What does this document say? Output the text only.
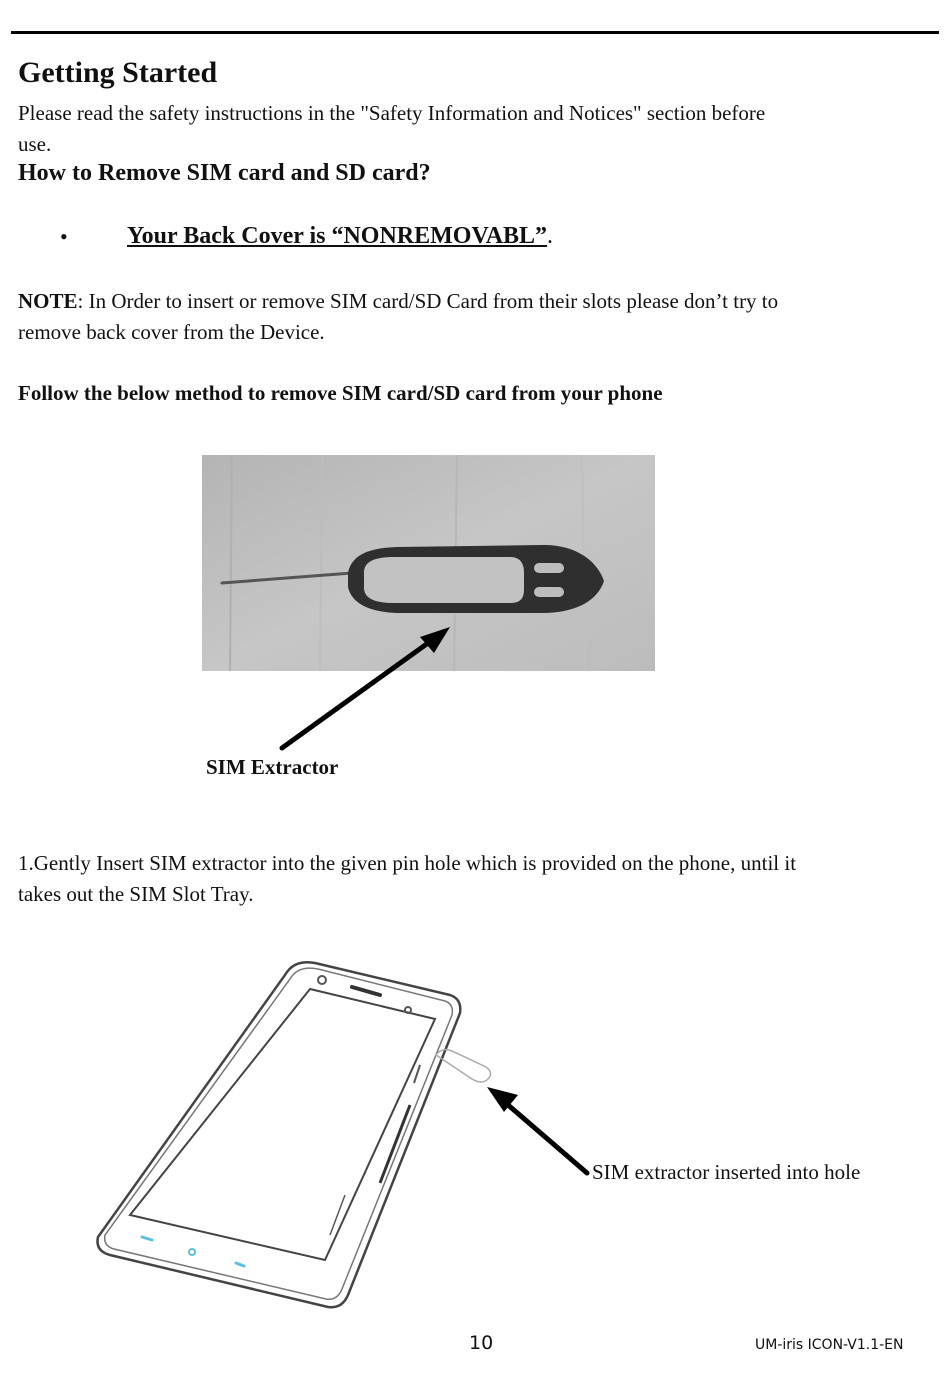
Getting Started
Please read the safety instructions in the "Safety Information and Notices" section before
use.
How to Remove SIM card and SD card?
• Your Back Cover is “NONREMOVABL”.
NOTE: In Order to insert or remove SIM card/SD Card from their slots please don’t try to
remove back cover from the Device.
Follow the below method to remove SIM card/SD card from your phone
SIM Extractor
1.Gently Insert SIM extractor into the given pin hole which is provided on the phone, until it
takes out the SIM Slot Tray.
SIM extractor inserted into hole
10	UM-iris ICON-V1.1-EN
